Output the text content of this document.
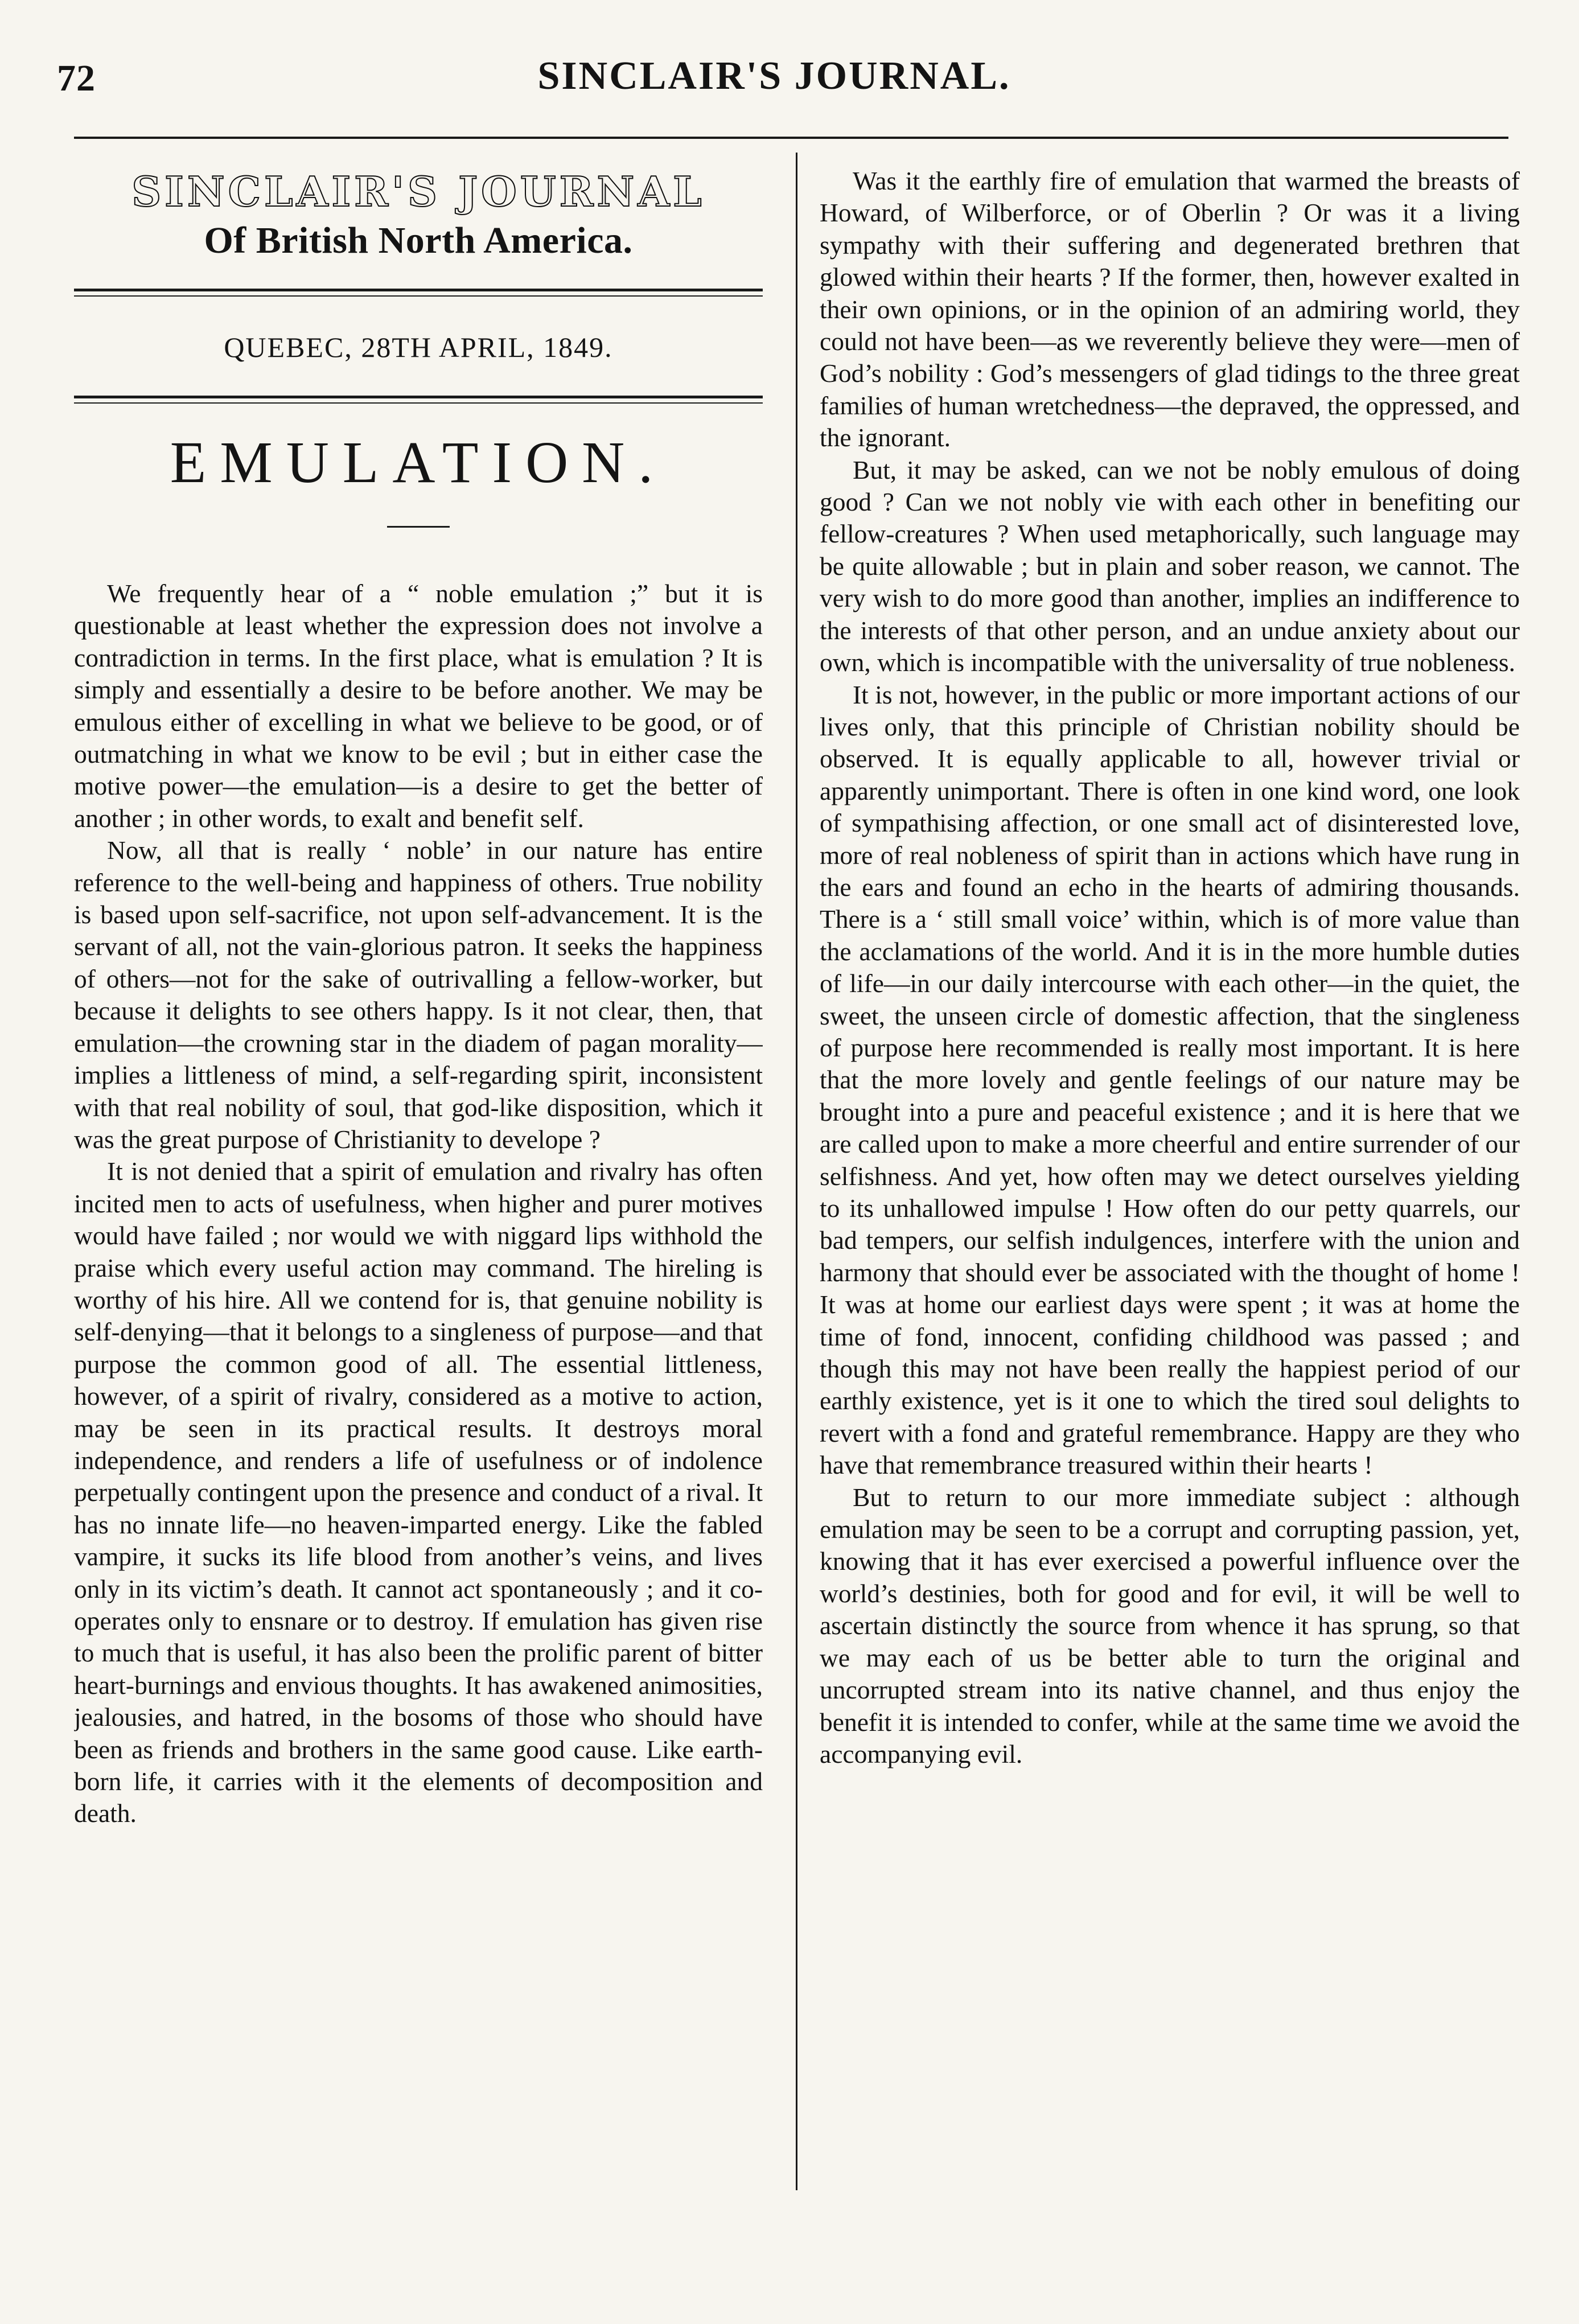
72	SINCLAIR'S JOURNAL.
SINCLAIR'S JOURNAL
Of British North America.
QUEBEC, 28TH APRIL, 1849.
EMULATION.

We frequently hear of a “ noble emulation ;” but it is questionable at least whether the expression does not involve a contradiction in terms. In the first place, what is emulation ? It is simply and essentially a desire to be before another. We may be emulous either of excelling in what we believe to be good, or of outmatching in what we know to be evil ; but in either case the motive power—the emulation—is a desire to get the better of another ; in other words, to exalt and benefit self.

Now, all that is really ‘ noble’ in our nature has entire reference to the well-being and happiness of others. True nobility is based upon self-sacrifice, not upon self-advancement. It is the servant of all, not the vain-glorious patron. It seeks the happiness of others—not for the sake of outrivalling a fellow-worker, but because it delights to see others happy. Is it not clear, then, that emulation—the crowning star in the diadem of pagan morality—implies a littleness of mind, a self-regarding spirit, inconsistent with that real nobility of soul, that god-like disposition, which it was the great purpose of Christianity to develope ?

It is not denied that a spirit of emulation and rivalry has often incited men to acts of usefulness, when higher and purer motives would have failed ; nor would we with niggard lips withhold the praise which every useful action may command. The hireling is worthy of his hire. All we contend for is, that genuine nobility is self-denying—that it belongs to a singleness of purpose—and that purpose the common good of all. The essential littleness, however, of a spirit of rivalry, considered as a motive to action, may be seen in its practical results. It destroys moral independence, and renders a life of usefulness or of indolence perpetually contingent upon the presence and conduct of a rival. It has no innate life—no heaven-imparted energy. Like the fabled vampire, it sucks its life blood from another’s veins, and lives only in its victim’s death. It cannot act spontaneously ; and it co-operates only to ensnare or to destroy. If emulation has given rise to much that is useful, it has also been the prolific parent of bitter heart-burnings and envious thoughts. It has awakened animosities, jealousies, and hatred, in the bosoms of those who should have been as friends and brothers in the same good cause. Like earth-born life, it carries with it the elements of decomposition and death.

Was it the earthly fire of emulation that warmed the breasts of Howard, of Wilberforce, or of Oberlin ? Or was it a living sympathy with their suffering and degenerated brethren that glowed within their hearts ? If the former, then, however exalted in their own opinions, or in the opinion of an admiring world, they could not have been—as we reverently believe they were—men of God’s nobility : God’s messengers of glad tidings to the three great families of human wretchedness—the depraved, the oppressed, and the ignorant.

But, it may be asked, can we not be nobly emulous of doing good ? Can we not nobly vie with each other in benefiting our fellow-creatures ? When used metaphorically, such language may be quite allowable ; but in plain and sober reason, we cannot. The very wish to do more good than another, implies an indifference to the interests of that other person, and an undue anxiety about our own, which is incompatible with the universality of true nobleness.

It is not, however, in the public or more important actions of our lives only, that this principle of Christian nobility should be observed. It is equally applicable to all, however trivial or apparently unimportant. There is often in one kind word, one look of sympathising affection, or one small act of disinterested love, more of real nobleness of spirit than in actions which have rung in the ears and found an echo in the hearts of admiring thousands. There is a ‘ still small voice’ within, which is of more value than the acclamations of the world. And it is in the more humble duties of life—in our daily intercourse with each other—in the quiet, the sweet, the unseen circle of domestic affection, that the singleness of purpose here recommended is really most important. It is here that the more lovely and gentle feelings of our nature may be brought into a pure and peaceful existence ; and it is here that we are called upon to make a more cheerful and entire surrender of our selfishness. And yet, how often may we detect ourselves yielding to its unhallowed impulse ! How often do our petty quarrels, our bad tempers, our selfish indulgences, interfere with the union and harmony that should ever be associated with the thought of home ! It was at home our earliest days were spent ; it was at home the time of fond, innocent, confiding childhood was passed ; and though this may not have been really the happiest period of our earthly existence, yet is it one to which the tired soul delights to revert with a fond and grateful remembrance. Happy are they who have that remembrance treasured within their hearts !

But to return to our more immediate subject : although emulation may be seen to be a corrupt and corrupting passion, yet, knowing that it has ever exercised a powerful influence over the world’s destinies, both for good and for evil, it will be well to ascertain distinctly the source from whence it has sprung, so that we may each of us be better able to turn the original and uncorrupted stream into its native channel, and thus enjoy the benefit it is intended to confer, while at the same time we avoid the accompanying evil.
